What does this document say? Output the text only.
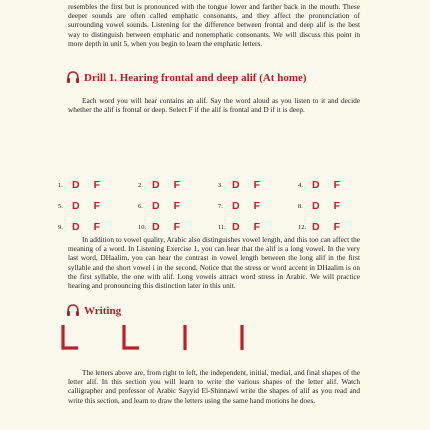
resembles the first but is pronounced with the tongue lower and farther back in the mouth. These deeper sounds are often called emphatic consonants, and they affect the pronunciation of surrounding vowel sounds. Listening for the difference between frontal and deep alif is the best way to distinguish between emphatic and nonemphatic consonants. We will discuss this point in more depth in unit 5, when you begin to learn the emphatic letters.

Drill 1. Hearing frontal and deep alif (At home)

Each word you will hear contains an alif. Say the word aloud as you listen to it and decide whether the alif is frontal or deep. Select F if the alif is frontal and D if it is deep.

1. D F	2. D F	3. D F	4. D F
5. D F	6. D F	7. D F	8. D F
9. D F	10. D F	11. D F	12. D F

In addition to vowel quality, Arabic also distinguishes vowel length, and this too can affect the meaning of a word. In Listening Exercise 1, you can hear that the alif is a long vowel. In the very last word, DHaalim, you can hear the contrast in vowel length between the long alif in the first syllable and the short vowel i in the second. Notice that the stress or word accent in DHaalim is on the first syllable, the one with alif. Long vowels attract word stress in Arabic. We will practice hearing and pronouncing this distinction later in this unit.

Writing

The letters above are, from right to left, the independent, initial, medial, and final shapes of the letter alif. In this section you will learn to write the various shapes of the letter alif. Watch calligrapher and professor of Arabic Sayyid El-Shinnawi write the shapes of alif as you read and write this section, and learn to draw the letters using the same hand motions he does.
